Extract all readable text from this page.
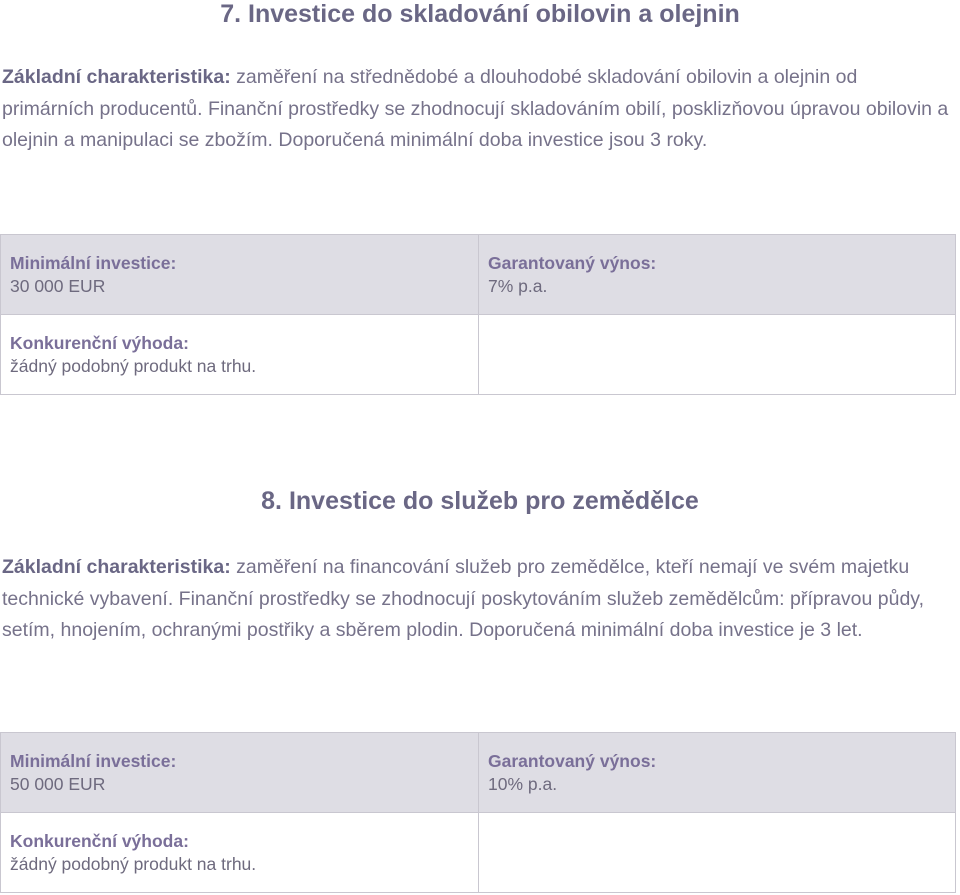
7. Investice do skladování obilovin a olejnin

Základní charakteristika: zaměření na střednědobé a dlouhodobé skladování obilovin a olejnin od primárních producentů. Finanční prostředky se zhodnocují skladováním obilí, posklizňovou úpravou obilovin a olejnin a manipulaci se zbožím. Doporučená minimální doba investice jsou 3 roky.

Minimální investice:
30 000 EUR
Garantovaný výnos:
7% p.a.
Konkurenční výhoda:
žádný podobný produkt na trhu.
8. Investice do služeb pro zemědělce

Základní charakteristika: zaměření na financování služeb pro zemědělce, kteří nemají ve svém majetku technické vybavení. Finanční prostředky se zhodnocují poskytováním služeb zemědělcům: přípravou půdy, setím, hnojením, ochranými postřiky a sběrem plodin. Doporučená minimální doba investice je 3 let.

Minimální investice:
50 000 EUR
Garantovaný výnos:
10% p.a.
Konkurenční výhoda:
žádný podobný produkt na trhu.
